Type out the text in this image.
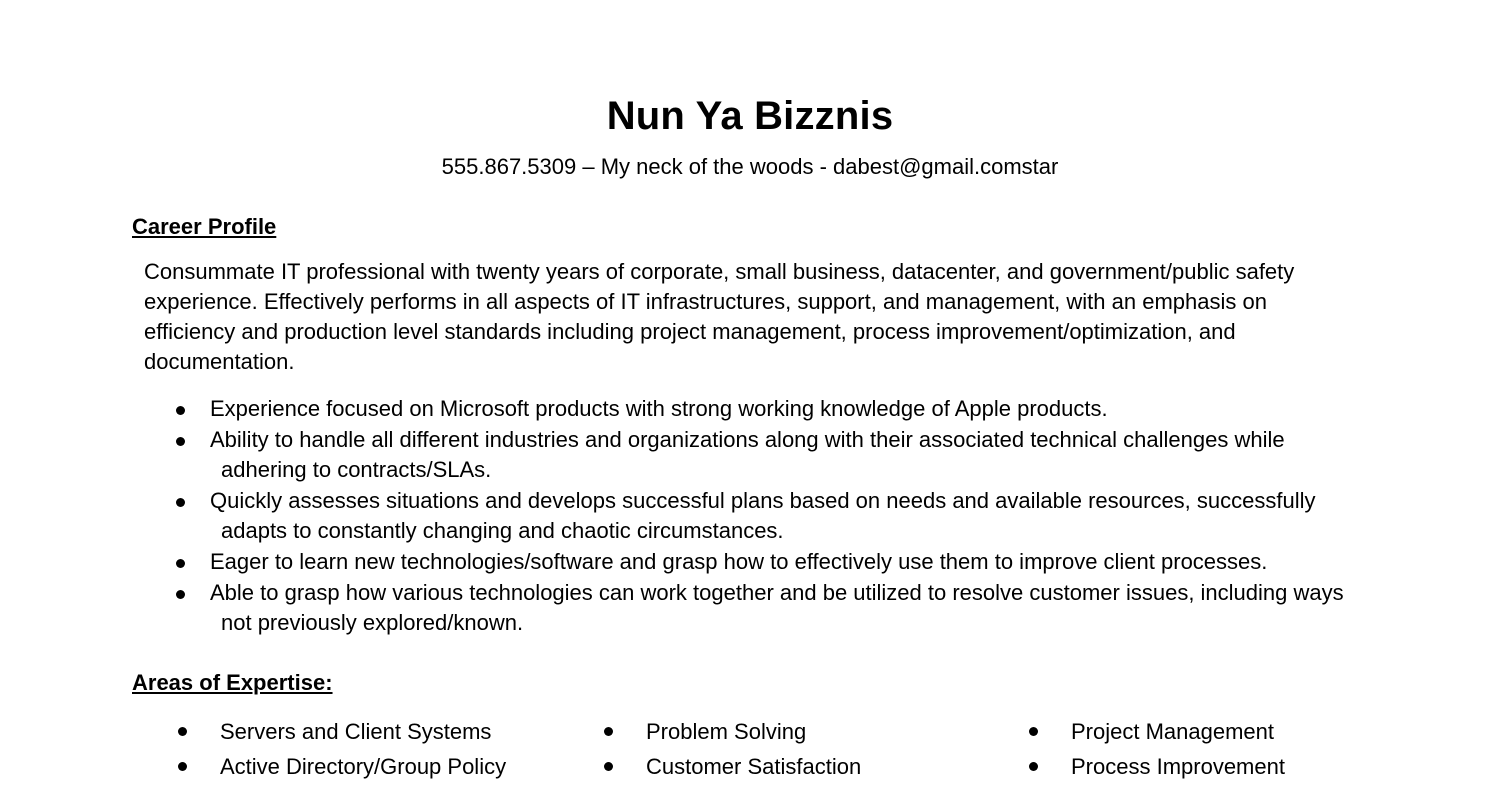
Nun Ya Bizznis
555.867.5309 – My neck of the woods - dabest@gmail.comstar
Career Profile
Consummate IT professional with twenty years of corporate, small business, datacenter, and government/public safety
experience. Effectively performs in all aspects of IT infrastructures, support, and management, with an emphasis on
efficiency and production level standards including project management, process improvement/optimization, and
documentation.
Experience focused on Microsoft products with strong working knowledge of Apple products.
Ability to handle all different industries and organizations along with their associated technical challenges while
adhering to contracts/SLAs.
Quickly assesses situations and develops successful plans based on needs and available resources, successfully
adapts to constantly changing and chaotic circumstances.
Eager to learn new technologies/software and grasp how to effectively use them to improve client processes.
Able to grasp how various technologies can work together and be utilized to resolve customer issues, including ways
not previously explored/known.
Areas of Expertise:
Servers and Client Systems
Active Directory/Group Policy
Problem Solving
Customer Satisfaction
Project Management
Process Improvement
